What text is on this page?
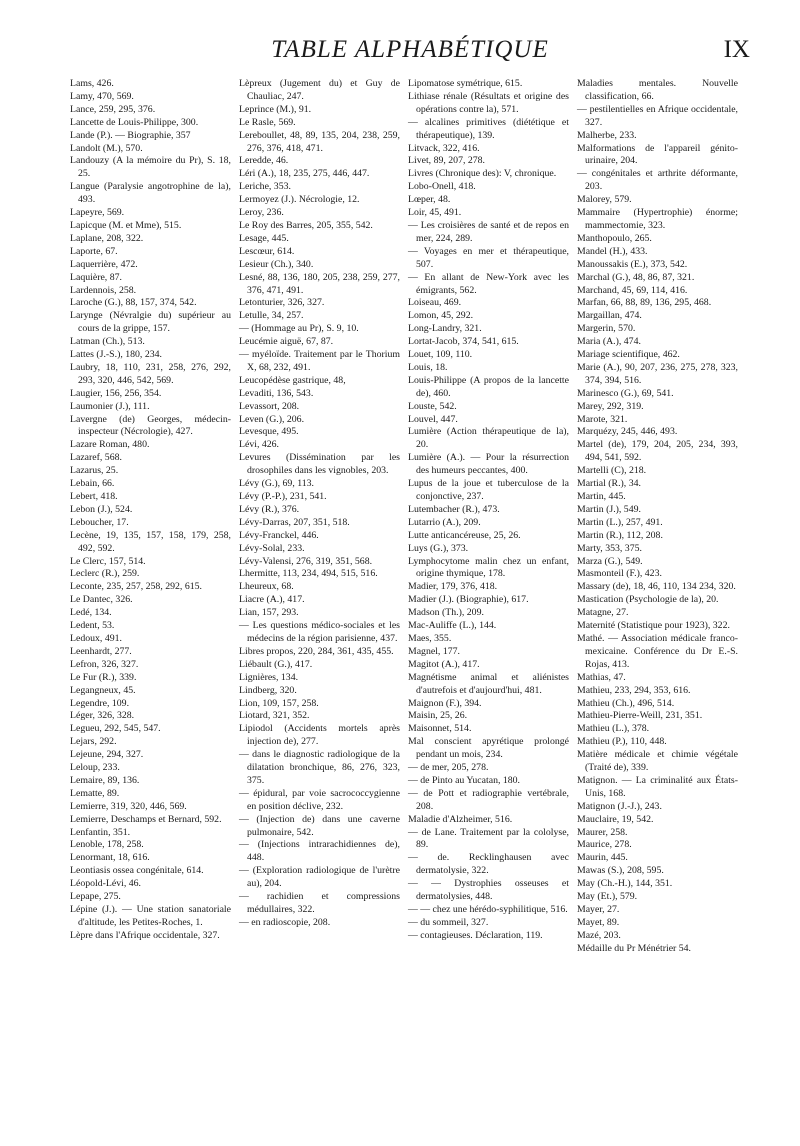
TABLE ALPHABÉTIQUE	IX

Lams, 426.

Lamy, 470, 569.

Lance, 259, 295, 376.

Lancette de Louis-Philippe, 300.

Lande (P.). — Biographie, 357

Landolt (M.), 570.

Landouzy (A la mémoire du Pr), S. 18, 25.

Langue (Paralysie angotrophine de la), 493.

Lapeyre, 569.

Lapicque (M. et Mme), 515.

Laplane, 208, 322.

Laporte, 67.

Laquerrière, 472.

Laquière, 87.

Lardennois, 258.

Laroche (G.), 88, 157, 374, 542.

Larynge (Névralgie du) supérieur au cours de la grippe, 157.

Latman (Ch.), 513.

Lattes (J.-S.), 180, 234.

Laubry, 18, 110, 231, 258, 276, 292, 293, 320, 446, 542, 569.

Laugier, 156, 256, 354.

Laumonier (J.), 111.

Lavergne (de) Georges, médecin-inspecteur (Nécrologie), 427.

Lazare Roman, 480.

Lazaref, 568.

Lazarus, 25.

Lebain, 66.

Lebert, 418.

Lebon (J.), 524.

Leboucher, 17.

Lecène, 19, 135, 157, 158, 179, 258, 492, 592.

Le Clerc, 157, 514.

Leclerc (R.), 259.

Leconte, 235, 257, 258, 292, 615.

Le Dantec, 326.

Ledé, 134.

Ledent, 53.

Ledoux, 491.

Leenhardt, 277.

Lefron, 326, 327.

Le Fur (R.), 339.

Legangneux, 45.

Legendre, 109.

Léger, 326, 328.

Legueu, 292, 545, 547.

Lejars, 292.

Lejeune, 294, 327.

Leloup, 233.

Lemaire, 89, 136.

Lematte, 89.

Lemierre, 319, 320, 446, 569.

Lemierre, Deschamps et Bernard, 592.

Lenfantin, 351.

Lenoble, 178, 258.

Lenormant, 18, 616.

Leontiasis ossea congénitale, 614.

Léopold-Lévi, 46.

Lepape, 275.

Lépine (J.). — Une station sanatoriale d'altitude, les Petites-Roches, 1.

Lèpre dans l'Afrique occidentale, 327.

Lèpreux (Jugement du) et Guy de Chauliac, 247.

Leprince (M.), 91.

Le Rasle, 569.

Lereboullet, 48, 89, 135, 204, 238, 259, 276, 376, 418, 471.

Leredde, 46.

Léri (A.), 18, 235, 275, 446, 447.

Leriche, 353.

Lermoyez (J.). Nécrologie, 12.

Leroy, 236.

Le Roy des Barres, 205, 355, 542.

Lesage, 445.

Lescœur, 614.

Lesieur (Ch.), 340.

Lesné, 88, 136, 180, 205, 238, 259, 277, 376, 471, 491.

Letonturier, 326, 327.

Letulle, 34, 257.

— (Hommage au Pr), S. 9, 10.

Leucémie aiguë, 67, 87.

— myéloïde. Traitement par le Thorium X, 68, 232, 491.

Leucopédèse gastrique, 48,

Levaditi, 136, 543.

Levassort, 208.

Leven (G.), 206.

Levesque, 495.

Lévi, 426.

Levures (Dissémination par les drosophiles dans les vignobles, 203.

Lévy (G.), 69, 113.

Lévy (P.-P.), 231, 541.

Lévy (R.), 376.

Lévy-Darras, 207, 351, 518.

Lévy-Franckel, 446.

Lévy-Solal, 233.

Lévy-Valensi, 276, 319, 351, 568.

Lhermitte, 113, 234, 494, 515, 516.

Lheureux, 68.

Liacre (A.), 417.

Lian, 157, 293.

— Les questions médico-sociales et les médecins de la région parisienne, 437.

Libres propos, 220, 284, 361, 435, 455.

Liébault (G.), 417.

Lignières, 134.

Lindberg, 320.

Lion, 109, 157, 258.

Liotard, 321, 352.

Lipiodol (Accidents mortels après injection de), 277.

— dans le diagnostic radiologique de la dilatation bronchique, 86, 276, 323, 375.

— épidural, par voie sacrococcygienne en position déclive, 232.

— (Injection de) dans une caverne pulmonaire, 542.

— (Injections intrarachidiennes de), 448.

— (Exploration radiologique de l'urètre au), 204.

— rachidien et compressions médullaires, 322.

— en radioscopie, 208.

Lipomatose symétrique, 615.

Lithiase rénale (Résultats et origine des opérations contre la), 571.

— alcalines primitives (diététique et thérapeutique), 139.

Litvack, 322, 416.

Livet, 89, 207, 278.

Livres (Chronique des): V, chronique.

Lobo-Onell, 418.

Lœper, 48.

Loir, 45, 491.

— Les croisières de santé et de repos en mer, 224, 289.

— Voyages en mer et thérapeutique, 507.

— En allant de New-York avec les émigrants, 562.

Loiseau, 469.

Lomon, 45, 292.

Long-Landry, 321.

Lortat-Jacob, 374, 541, 615.

Louet, 109, 110.

Louis, 18.

Louis-Philippe (A propos de la lancette de), 460.

Louste, 542.

Louvel, 447.

Lumière (Action thérapeutique de la), 20.

Lumière (A.). — Pour la résurrection des humeurs peccantes, 400.

Lupus de la joue et tuberculose de la conjonctive, 237.

Lutembacher (R.), 473.

Lutarrio (A.), 209.

Lutte anticancéreuse, 25, 26.

Luys (G.), 373.

Lymphocytome malin chez un enfant, origine thymique, 178.

Madier, 179, 376, 418.

Madier (J.). (Biographie), 617.

Madson (Th.), 209.

Mac-Auliffe (L.), 144.

Maes, 355.

Magnel, 177.

Magitot (A.), 417.

Magnétisme animal et aliénistes d'autrefois et d'aujourd'hui, 481.

Maignon (F.), 394.

Maisin, 25, 26.

Maisonnet, 514.

Mal conscient apyrétique prolongé pendant un mois, 234.

— de mer, 205, 278.

— de Pinto au Yucatan, 180.

— de Pott et radiographie vertébrale, 208.

Maladie d'Alzheimer, 516.

— de Lane. Traitement par la cololyse, 89.

— de. Recklinghausen avec dermatolysie, 322.

— — Dystrophies osseuses et dermatolysies, 448.

— — chez une hérédo-syphilitique, 516.

— du sommeil, 327.

— contagieuses. Déclaration, 119.

Maladies mentales. Nouvelle classification, 66.

— pestilentielles en Afrique occidentale, 327.

Malherbe, 233.

Malformations de l'appareil génito-urinaire, 204.

— congénitales et arthrite déformante, 203.

Malorey, 579.

Mammaire (Hypertrophie) énorme; mammectomie, 323.

Manthopoulo, 265.

Mandel (H.), 433.

Manoussakis (E.), 373, 542.

Marchal (G.), 48, 86, 87, 321.

Marchand, 45, 69, 114, 416.

Marfan, 66, 88, 89, 136, 295, 468.

Margaillan, 474.

Margerin, 570.

Maria (A.), 474.

Mariage scientifique, 462.

Marie (A.), 90, 207, 236, 275, 278, 323, 374, 394, 516.

Marinesco (G.), 69, 541.

Marey, 292, 319.

Marote, 321.

Marquézy, 245, 446, 493.

Martel (de), 179, 204, 205, 234, 393, 494, 541, 592.

Martelli (C), 218.

Martial (R.), 34.

Martin, 445.

Martin (J.), 549.

Martin (L.), 257, 491.

Martin (R.), 112, 208.

Marty, 353, 375.

Marza (G.), 549.

Masmonteil (F.), 423.

Massary (de), 18, 46, 110, 134 234, 320.

Mastication (Psychologie de la), 20.

Matagne, 27.

Maternité (Statistique pour 1923), 322.

Mathé. — Association médicale franco-mexicaine. Conférence du Dr E.-S. Rojas, 413.

Mathias, 47.

Mathieu, 233, 294, 353, 616.

Mathieu (Ch.), 496, 514.

Mathieu-Pierre-Weill, 231, 351.

Mathieu (L.), 378.

Mathieu (P.), 110, 448.

Matière médicale et chimie végétale (Traité de), 339.

Matignon. — La criminalité aux États-Unis, 168.

Matignon (J.-J.), 243.

Mauclaire, 19, 542.

Maurer, 258.

Maurice, 278.

Maurin, 445.

Mawas (S.), 208, 595.

May (Ch.-H.), 144, 351.

May (Et.), 579.

Mayer, 27.

Mayet, 89.

Mazé, 203.

Médaille du Pr Ménétrier 54.
